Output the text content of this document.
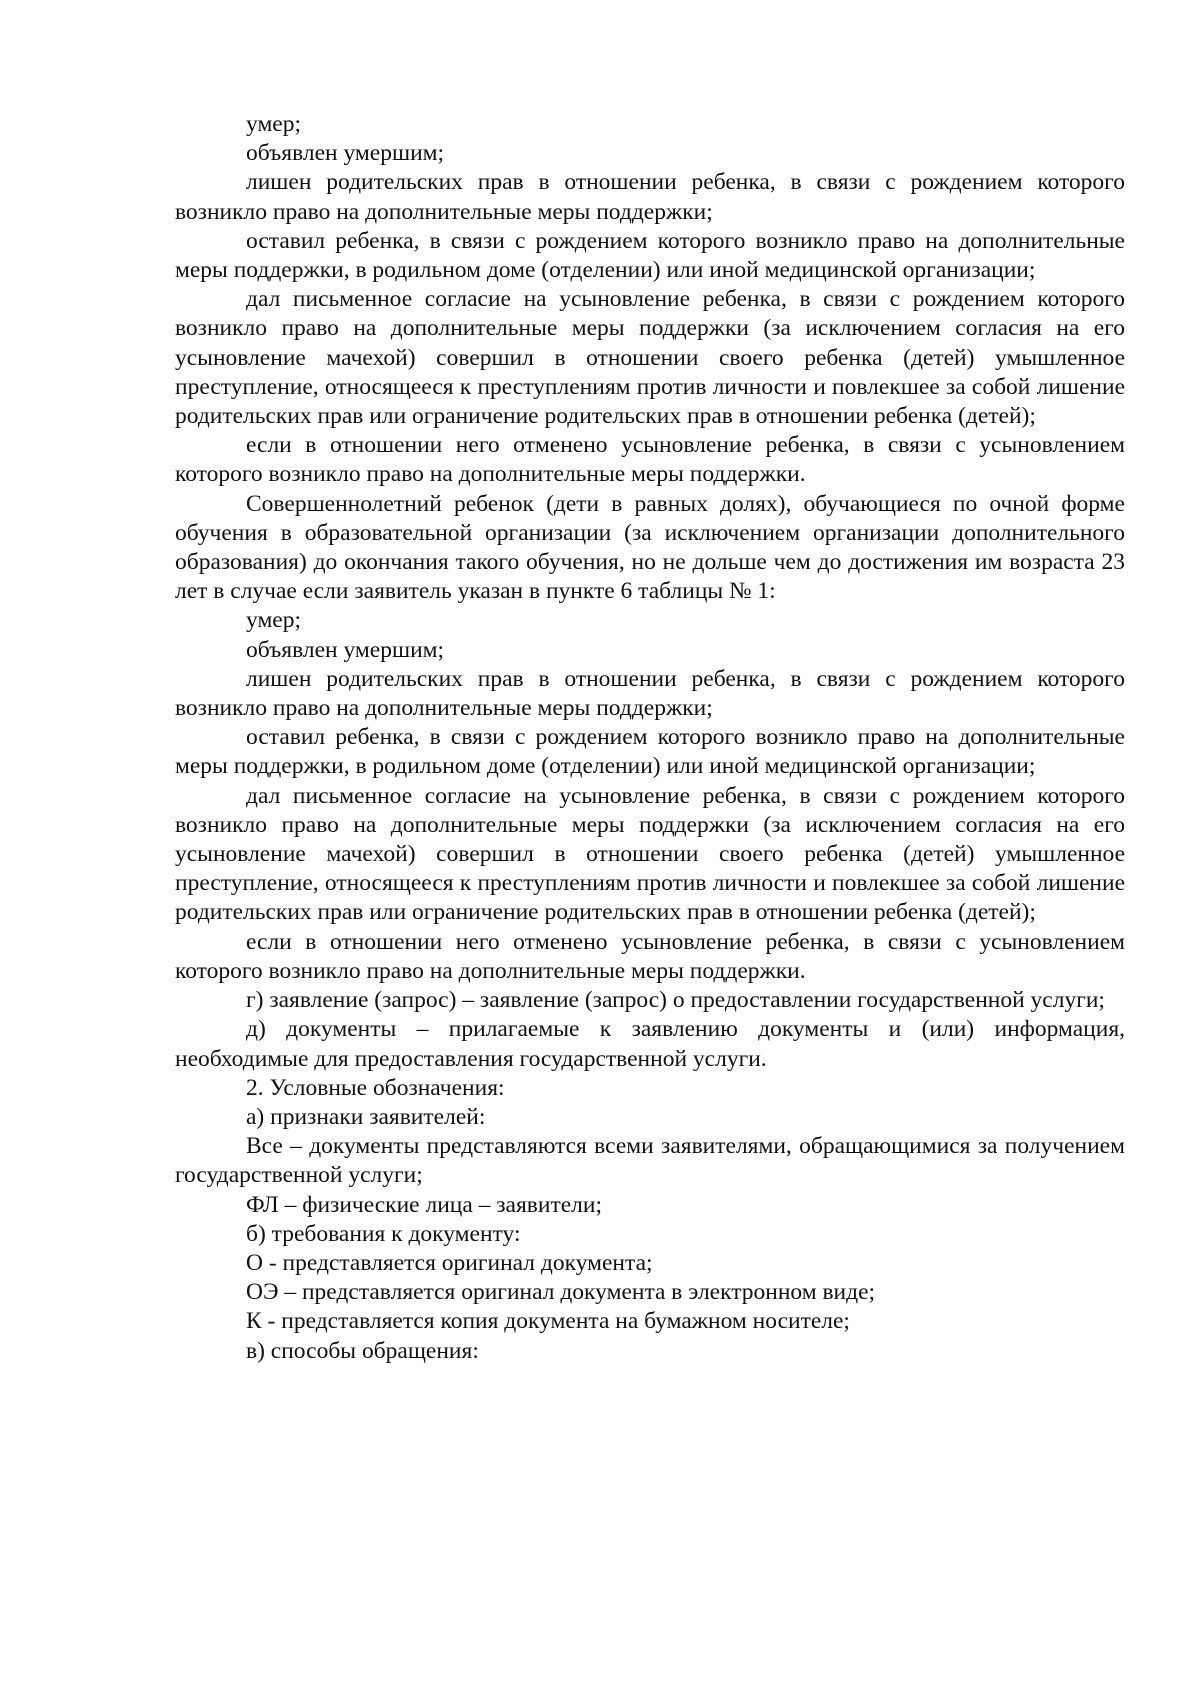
умер;

объявлен умершим;

лишен родительских прав в отношении ребенка, в связи с рождением которого возникло право на дополнительные меры поддержки;

оставил ребенка, в связи с рождением которого возникло право на дополнительные меры поддержки, в родильном доме (отделении) или иной медицинской организации;

дал письменное согласие на усыновление ребенка, в связи с рождением которого возникло право на дополнительные меры поддержки (за исключением согласия на его усыновление мачехой) совершил в отношении своего ребенка (детей) умышленное преступление, относящееся к преступлениям против личности и повлекшее за собой лишение родительских прав или ограничение родительских прав в отношении ребенка (детей);

если в отношении него отменено усыновление ребенка, в связи с усыновлением которого возникло право на дополнительные меры поддержки.

Совершеннолетний ребенок (дети в равных долях), обучающиеся по очной форме обучения в образовательной организации (за исключением организации дополнительного образования) до окончания такого обучения, но не дольше чем до достижения им возраста 23 лет в случае если заявитель указан в пункте 6 таблицы № 1:

умер;

объявлен умершим;

лишен родительских прав в отношении ребенка, в связи с рождением которого возникло право на дополнительные меры поддержки;

оставил ребенка, в связи с рождением которого возникло право на дополнительные меры поддержки, в родильном доме (отделении) или иной медицинской организации;

дал письменное согласие на усыновление ребенка, в связи с рождением которого возникло право на дополнительные меры поддержки (за исключением согласия на его усыновление мачехой) совершил в отношении своего ребенка (детей) умышленное преступление, относящееся к преступлениям против личности и повлекшее за собой лишение родительских прав или ограничение родительских прав в отношении ребенка (детей);

если в отношении него отменено усыновление ребенка, в связи с усыновлением которого возникло право на дополнительные меры поддержки.

г) заявление (запрос) – заявление (запрос) о предоставлении государственной услуги;

д) документы – прилагаемые к заявлению документы и (или) информация, необходимые для предоставления государственной услуги.

2. Условные обозначения:

а) признаки заявителей:

Все – документы представляются всеми заявителями, обращающимися за получением государственной услуги;

ФЛ – физические лица – заявители;

б) требования к документу:

О - представляется оригинал документа;

ОЭ – представляется оригинал документа в электронном виде;

К - представляется копия документа на бумажном носителе;

в) способы обращения:
